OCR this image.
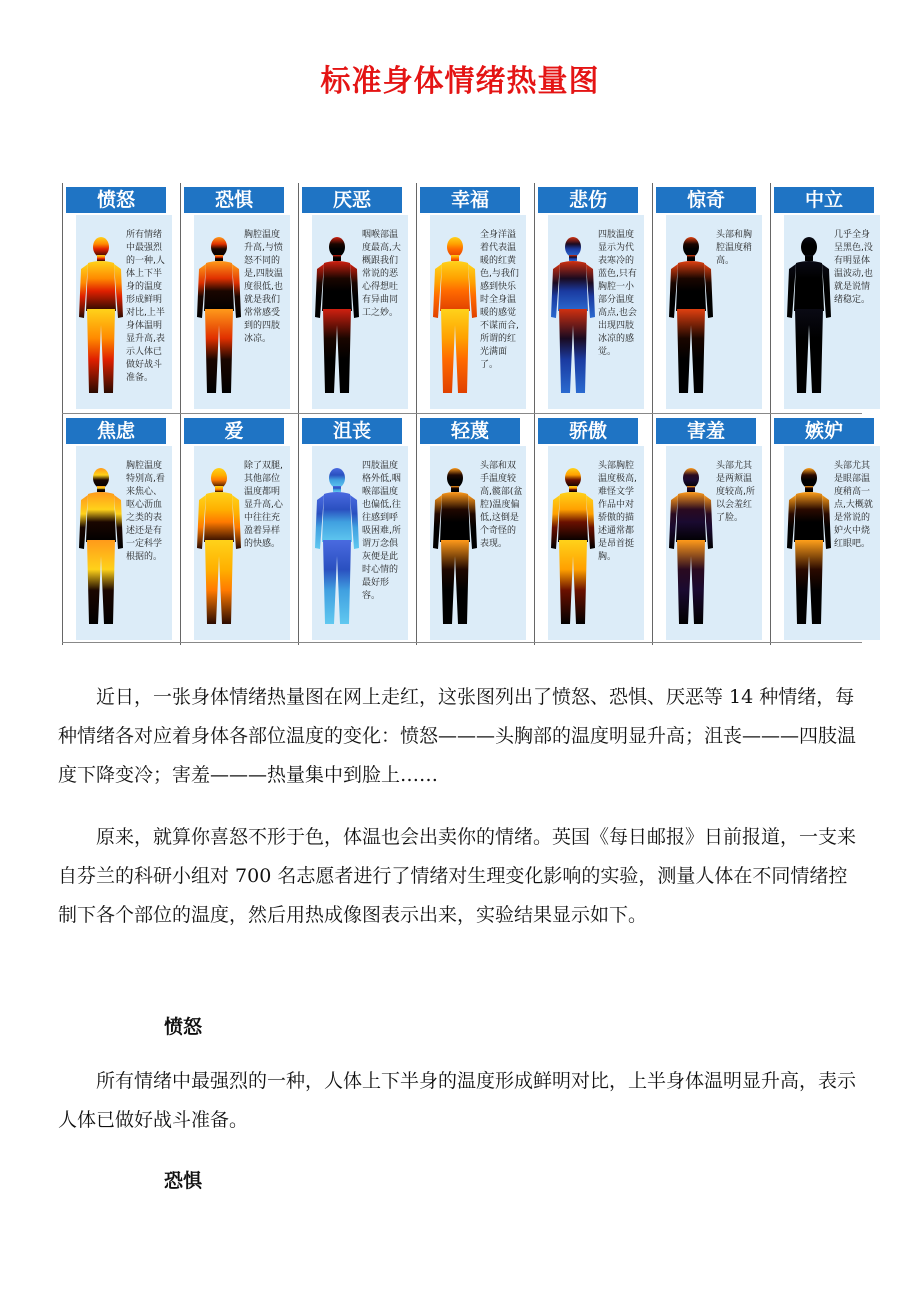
标准身体情绪热量图
愤怒
所有情绪中最强烈的一种,人体上下半身的温度形成鲜明对比,上半身体温明显升高,表示人体已做好战斗准备。
恐惧
胸腔温度升高,与愤怒不同的是,四肢温度很低,也就是我们常常感受到的四肢冰凉。
厌恶
咽喉部温度最高,大概跟我们常说的恶心得想吐有异曲同工之妙。
幸福
全身洋溢着代表温暖的红黄色,与我们感到快乐时全身温暖的感觉不谋而合,所谓的红光满面了。
悲伤
四肢温度显示为代表寒冷的蓝色,只有胸腔一小部分温度高点,也会出现四肢冰凉的感觉。
惊奇
头部和胸腔温度稍高。
中立
几乎全身呈黑色,没有明显体温波动,也就是说情绪稳定。
焦虑
胸腔温度特别高,看来焦心、呕心沥血之类的表述还是有一定科学根据的。
爱
除了双腿,其他部位温度都明显升高,心中往往充盈着异样的快感。
沮丧
四肢温度格外低,咽喉部温度也偏低,往往感到呼吸困难,所谓万念俱灰便是此时心情的最好形容。
轻蔑
头部和双手温度较高,髋部(盆腔)温度偏低,这倒是个奇怪的表现。
骄傲
头部胸腔温度极高,难怪文学作品中对骄傲的描述通常都是昂首挺胸。
害羞
头部尤其是两颊温度较高,所以会羞红了脸。
嫉妒
头部尤其是眼部温度稍高一点,大概就是常说的妒火中烧红眼吧。
近日，一张身体情绪热量图在网上走红，这张图列出了愤怒、恐惧、厌恶等 14 种情绪，每种情绪各对应着身体各部位温度的变化：愤怒———头胸部的温度明显升高；沮丧———四肢温度下降变冷；害羞———热量集中到脸上……
原来，就算你喜怒不形于色，体温也会出卖你的情绪。英国《每日邮报》日前报道，一支来自芬兰的科研小组对 700 名志愿者进行了情绪对生理变化影响的实验，测量人体在不同情绪控制下各个部位的温度，然后用热成像图表示出来，实验结果显示如下。
愤怒
所有情绪中最强烈的一种，人体上下半身的温度形成鲜明对比，上半身体温明显升高，表示人体已做好战斗准备。
恐惧
